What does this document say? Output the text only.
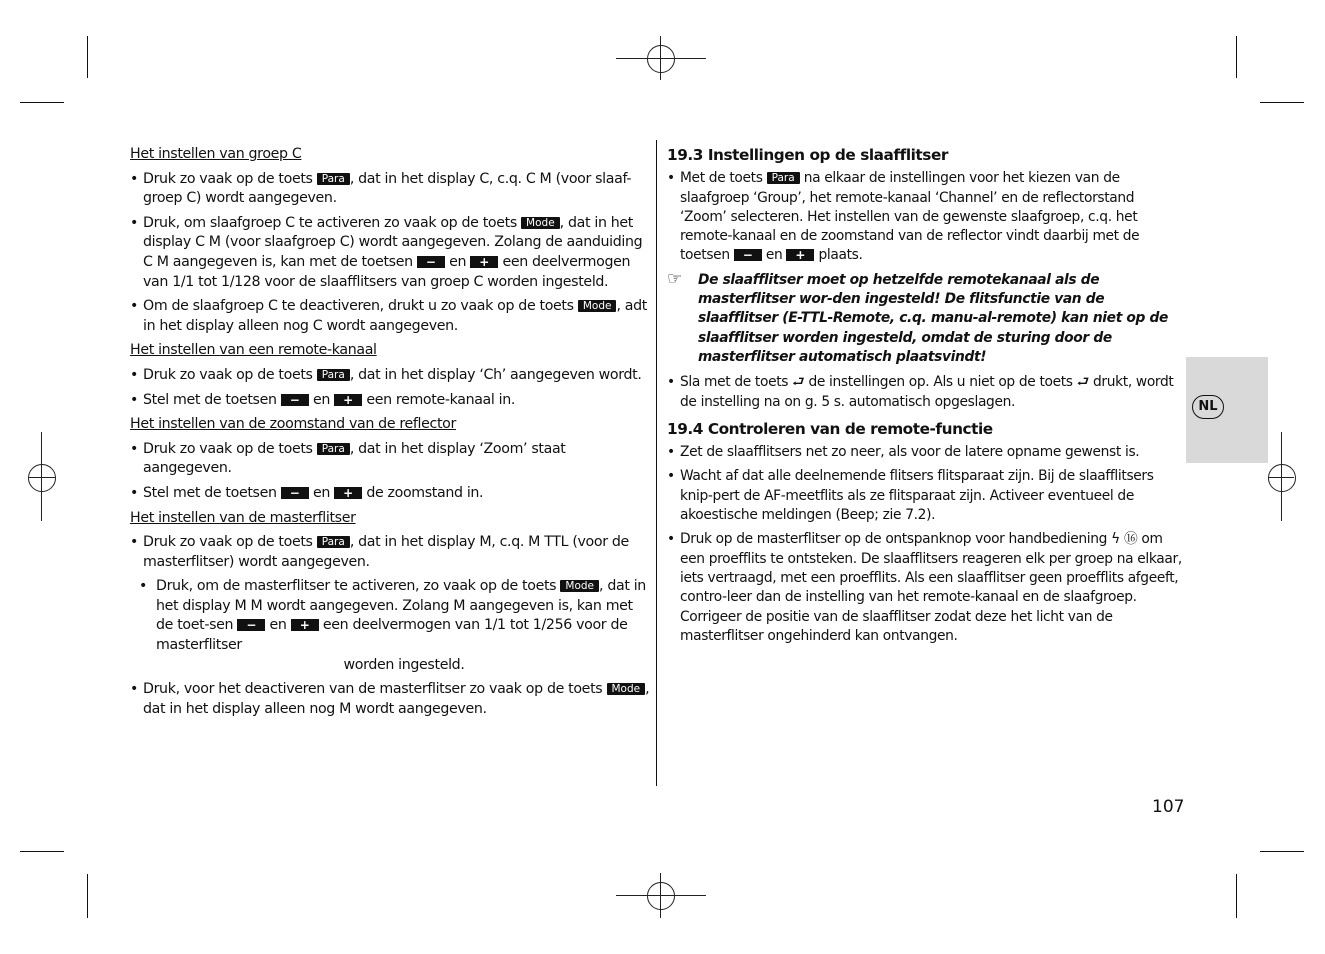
Het instellen van groep C
• Druk zo vaak op de toets Para , dat in het display C, c.q. C M (voor slaaf-groep C) wordt aangegeven.
• Druk, om slaafgroep C te activeren zo vaak op de toets Mode , dat in het display C M (voor slaafgroep C) wordt aangegeven. Zolang de aanduiding C M aangegeven is, kan met de toetsen − en + een deelvermogen van 1/1 tot 1/128 voor de slaafflitsers van groep C worden ingesteld.
• Om de slaafgroep C te deactiveren, drukt u zo vaak op de toets Mode , adt in het display alleen nog C wordt aangegeven.
Het instellen van een remote-kanaal
• Druk zo vaak op de toets Para , dat in het display ‘Ch’ aangegeven wordt.
• Stel met de toetsen − en + een remote-kanaal in.
Het instellen van de zoomstand van de reflector
• Druk zo vaak op de toets Para , dat in het display ‘Zoom’ staat aangegeven.
• Stel met de toetsen − en + de zoomstand in.
Het instellen van de masterflitser
• Druk zo vaak op de toets Para , dat in het display M, c.q. M TTL (voor de masterflitser) wordt aangegeven.
• Druk, om de masterflitser te activeren, zo vaak op de toets Mode , dat in het display M M wordt aangegeven. Zolang M aangegeven is, kan met de toet-sen − en + een deelvermogen van 1/1 tot 1/256 voor de masterflitser
worden ingesteld.
• Druk, voor het deactiveren van de masterflitser zo vaak op de toets Mode , dat in het display alleen nog M wordt aangegeven.
19.3 Instellingen op de slaafflitser
• Met de toets Para na elkaar de instellingen voor het kiezen van de slaafgroep ‘Group’, het remote-kanaal ‘Channel’ en de reflectorstand ‘Zoom’ selecteren. Het instellen van de gewenste slaafgroep, c.q. het remote-kanaal en de zoomstand van de reflector vindt daarbij met de toetsen − en + plaats.
☞ De slaafflitser moet op hetzelfde remotekanaal als de masterflitser wor-den ingesteld! De flitsfunctie van de slaafflitser (E-TTL-Remote, c.q. manu-al-remote) kan niet op de slaafflitser worden ingesteld, omdat de sturing door de masterflitser automatisch plaatsvindt!
• Sla met de toets ⮐ de instellingen op. Als u niet op de toets ⮐ drukt, wordt de instelling na on g. 5 s. automatisch opgeslagen.
19.4 Controleren van de remote-functie
• Zet de slaafflitsers net zo neer, als voor de latere opname gewenst is.
• Wacht af dat alle deelnemende flitsers flitsparaat zijn. Bij de slaafflitsers knip-pert de AF-meetflits als ze flitsparaat zijn. Activeer eventueel de akoestische meldingen (Beep; zie 7.2).
• Druk op de masterflitser op de ontspanknop voor handbediening ϟ ⑯ om een proefflits te ontsteken. De slaafflitsers reageren elk per groep na elkaar, iets vertraagd, met een proefflits. Als een slaafflitser geen proefflits afgeeft, contro-leer dan de instelling van het remote-kanaal en de slaafgroep. Corrigeer de positie van de slaafflitser zodat deze het licht van de masterflitser ongehinderd kan ontvangen.
NL
107
